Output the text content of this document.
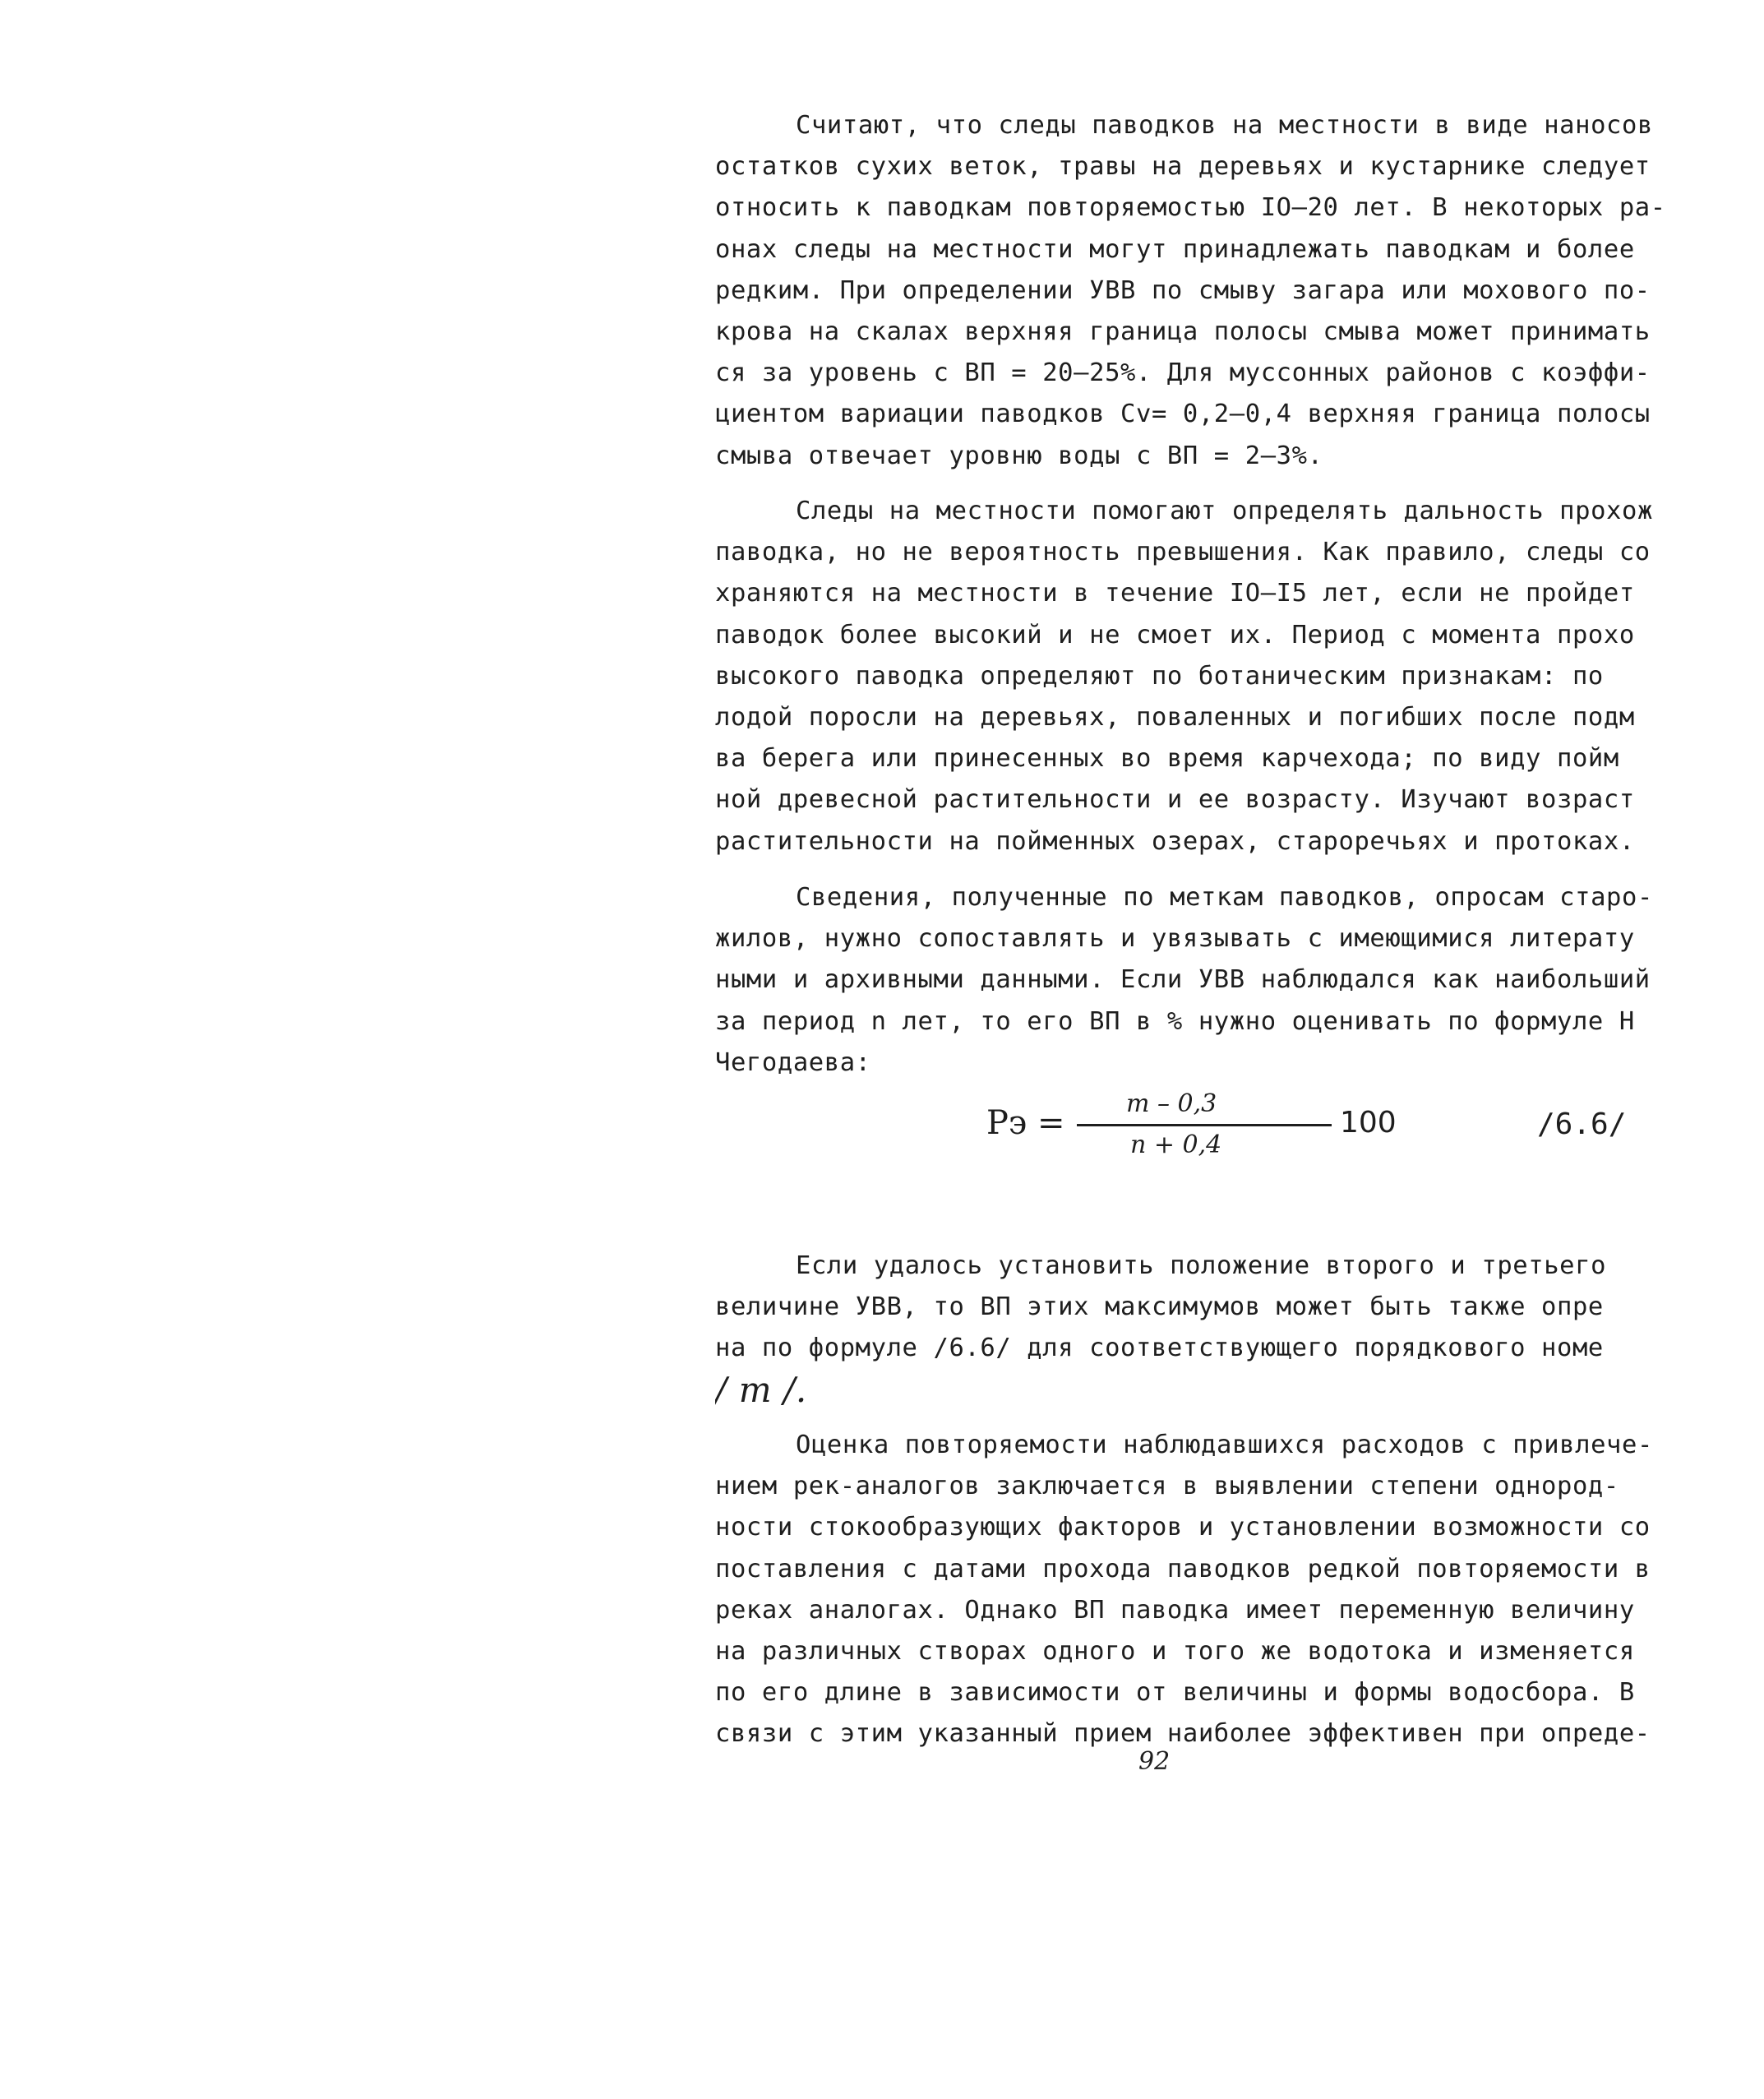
Считают, что следы паводков на местности в виде наносов
остатков сухих веток, травы на деревьях и кустарнике следует
относить к паводкам повторяемостью IO–20 лет. В некоторых ра-
онах следы на местности могут принадлежать паводкам и более
редким. При определении УВВ по смыву загара или мохового по-
крова на скалах верхняя граница полосы смыва может принимать
ся за уровень с ВП = 20–25%. Для муссонных районов с коэффи-
циентом вариации паводков Cv= 0,2–0,4 верхняя граница полосы
смыва отвечает уровню воды с ВП = 2–3%.
Следы на местности помогают определять дальность прохож
паводка, но не вероятность превышения. Как правило, следы со
храняются на местности в течение IO–I5 лет, если не пройдет
паводок более высокий и не смоет их. Период с момента прохо
высокого паводка определяют по ботаническим признакам: по
лодой поросли на деревьях, поваленных и погибших после подм
ва берега или принесенных во время карчехода; по виду пойм
ной древесной растительности и ее возрасту. Изучают возраст
растительности на пойменных озерах, староречьях и протоках.
Сведения, полученные по меткам паводков, опросам старо-
жилов, нужно сопоставлять и увязывать с имеющимися литерату
ными и архивными данными. Если УВВ наблюдался как наибольший
за период n лет, то его ВП в % нужно оценивать по формуле Н
Чегодаева:
Pэ =
m – 0,3
n + 0,4
100	/6.6/
Если удалось установить положение второго и третьего
величине УВВ, то ВП этих максимумов может быть также опре
на по формуле /6.6/ для соответствующего порядкового номе
/ m /.
Оценка повторяемости наблюдавшихся расходов с привлече-
нием рек-аналогов заключается в выявлении степени однород-
ности стокообразующих факторов и установлении возможности со
поставления с датами прохода паводков редкой повторяемости в
реках аналогах. Однако ВП паводка имеет переменную величину
на различных створах одного и того же водотока и изменяется
по его длине в зависимости от величины и формы водосбора. В
связи с этим указанный прием наиболее эффективен при опреде-
92
